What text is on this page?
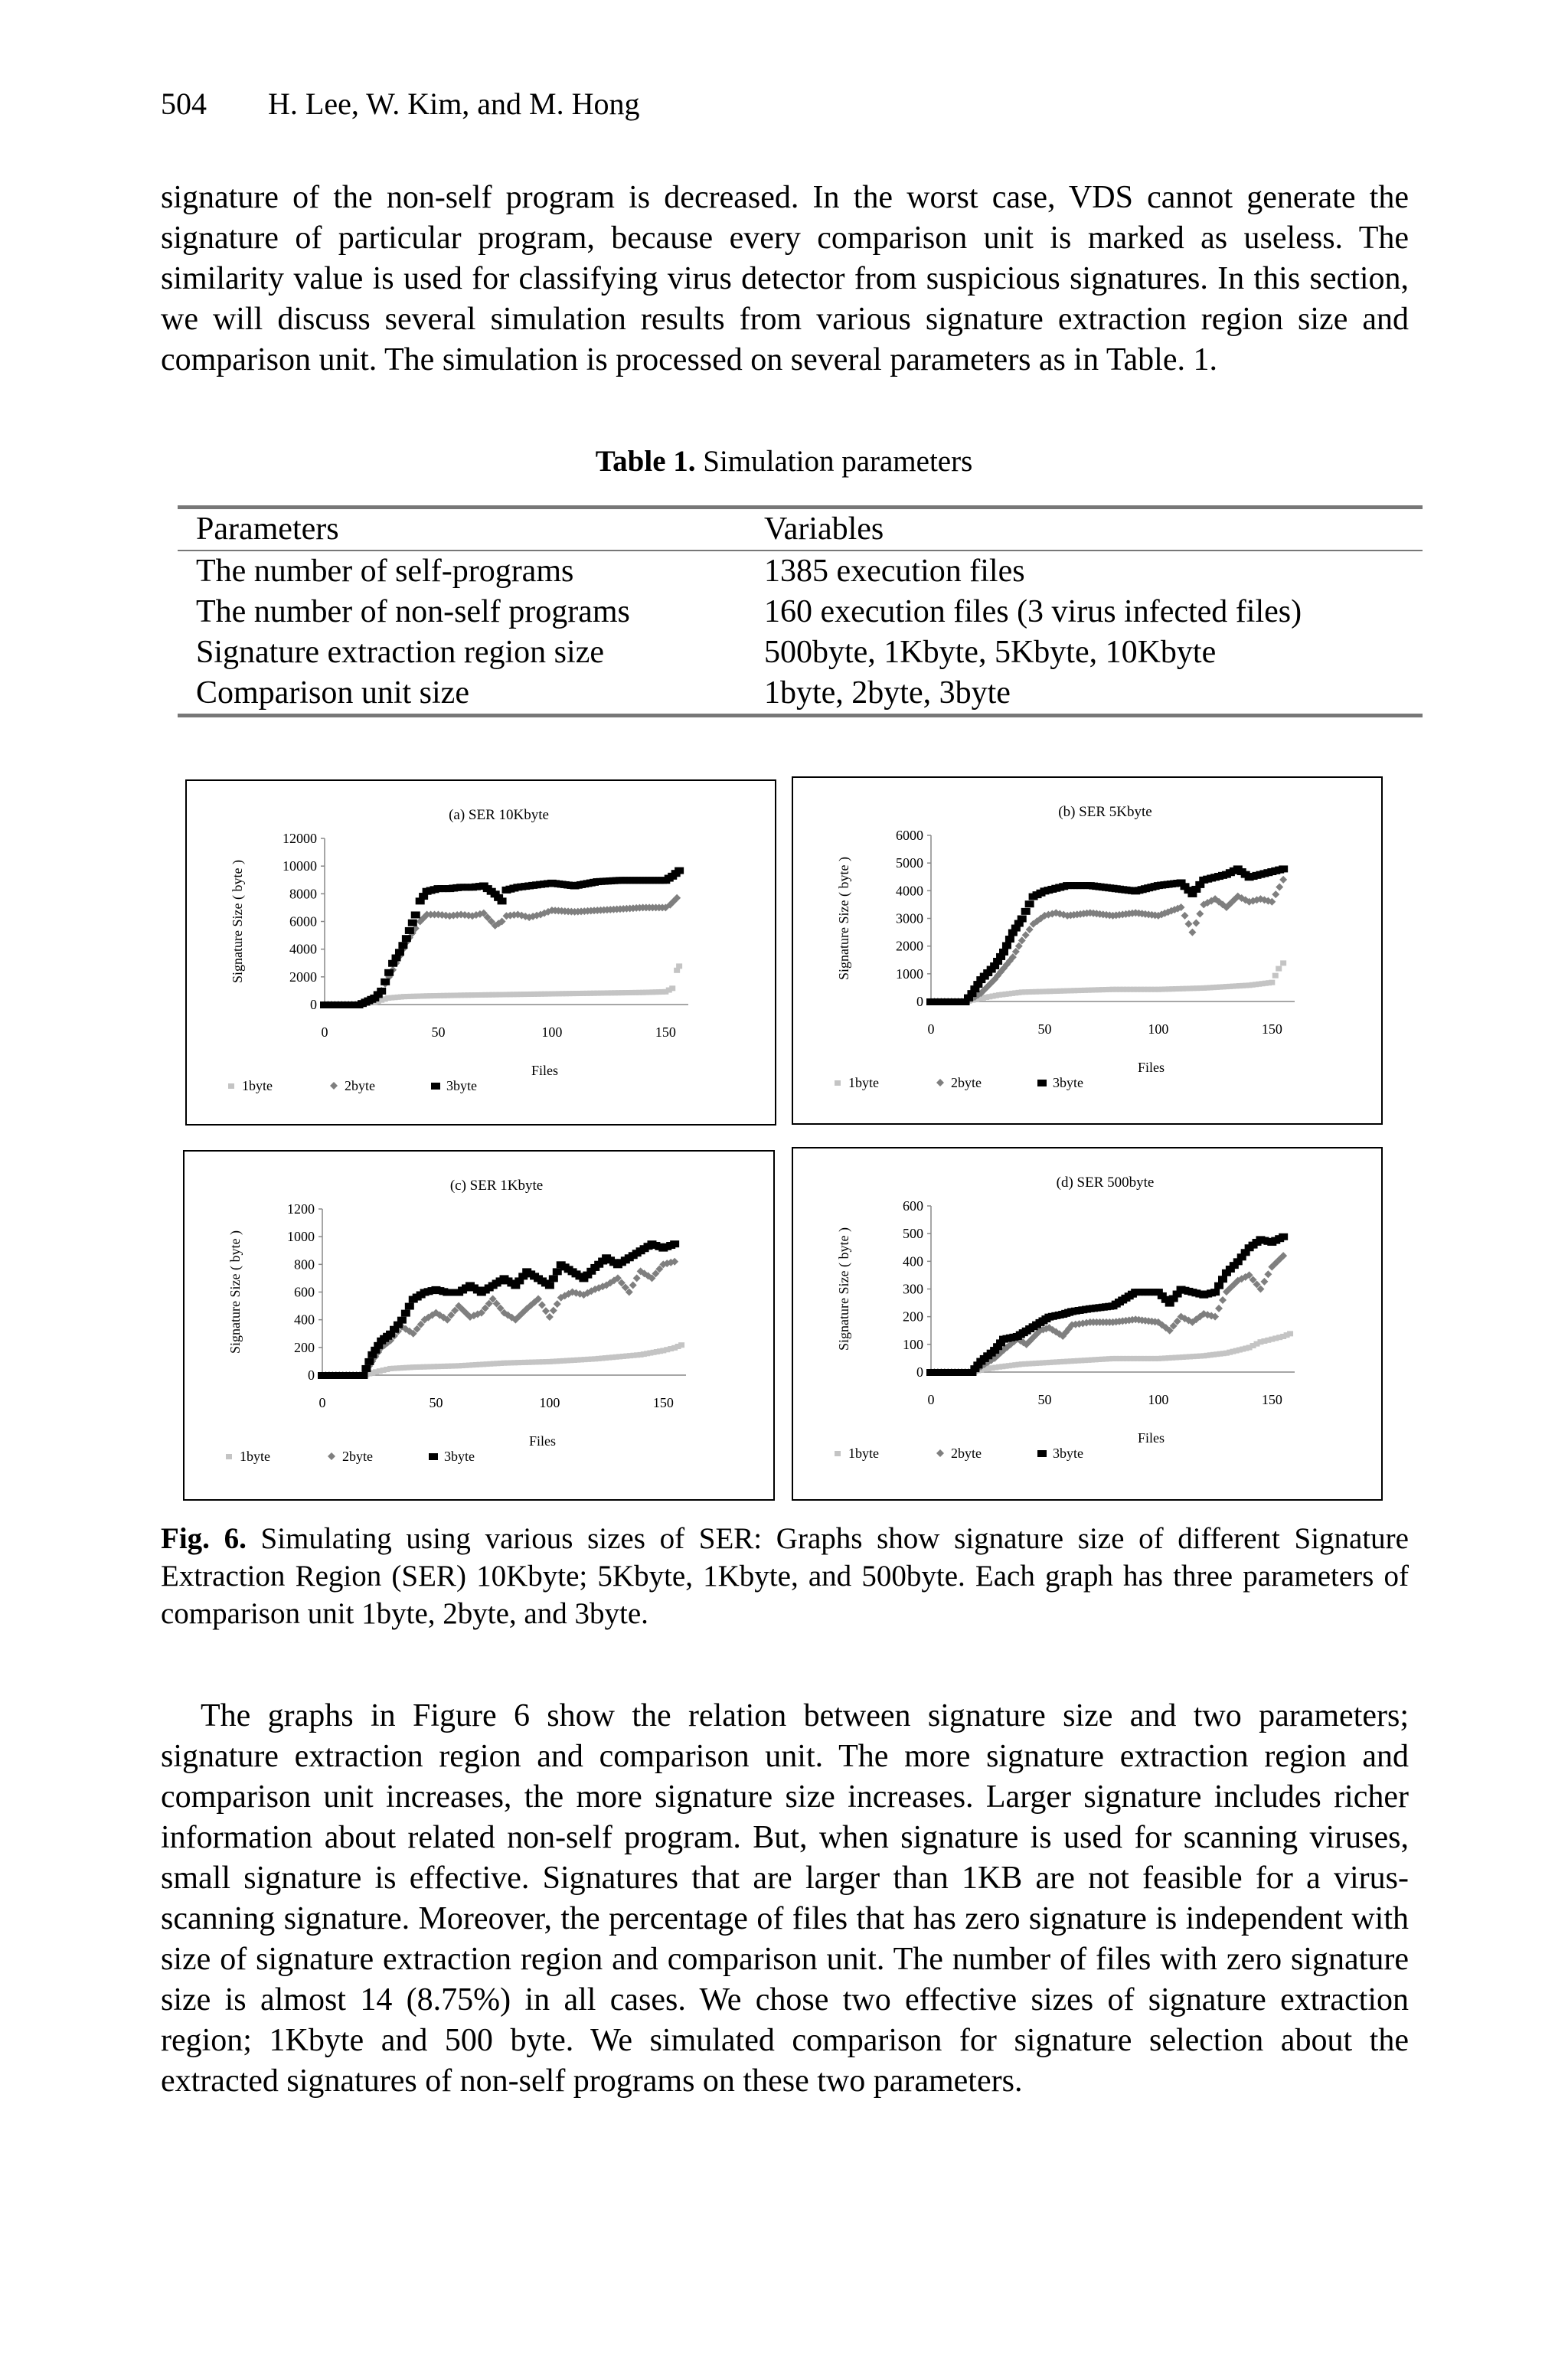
504 H. Lee, W. Kim, and M. Hong

signature of the non-self program is decreased. In the worst case, VDS cannot generate the signature of particular program, because every comparison unit is marked as useless. The similarity value is used for classifying virus detector from suspicious signatures. In this section, we will discuss several simulation results from various signature extraction region size and comparison unit. The simulation is processed on several parameters as in Table. 1.

Table 1. Simulation parameters
Parameters	Variables
The number of self-programs	1385 execution files
The number of non-self programs	160 execution files (3 virus infected files)
Signature extraction region size	500byte, 1Kbyte, 5Kbyte, 10Kbyte
Comparison unit size	1byte, 2byte, 3byte
(a) SER 10Kbyte
0
2000
4000
6000
8000
10000
12000
0	50	100	150
Signature Size ( byte )
Files
1byte	2byte	3byte
(b) SER 5Kbyte
0
1000
2000
3000
4000
5000
6000
0	50	100	150
Signature Size ( byte )
Files
1byte	2byte	3byte
(c) SER 1Kbyte
0
200
400
600
800
1000
1200
0	50	100	150
Signature Size ( byte )
Files
1byte	2byte	3byte
(d) SER 500byte
0
100
200
300
400
500
600
0	50	100	150
Signature Size ( byte )
Files
1byte	2byte	3byte

Fig. 6. Simulating using various sizes of SER: Graphs show signature size of different Signature Extraction Region (SER) 10Kbyte; 5Kbyte, 1Kbyte, and 500byte. Each graph has three parameters of comparison unit 1byte, 2byte, and 3byte.

The graphs in Figure 6 show the relation between signature size and two parameters; signature extraction region and comparison unit. The more signature extraction region and comparison unit increases, the more signature size increases. Larger signature includes richer information about related non-self program. But, when signature is used for scanning viruses, small signature is effective. Signatures that are larger than 1KB are not feasible for a virus-scanning signature. Moreover, the percentage of files that has zero signature is independent with size of signature extraction region and comparison unit. The number of files with zero signature size is almost 14 (8.75%) in all cases. We chose two effective sizes of signature extraction region; 1Kbyte and 500 byte. We simulated comparison for signature selection about the extracted signatures of non-self programs on these two parameters.
